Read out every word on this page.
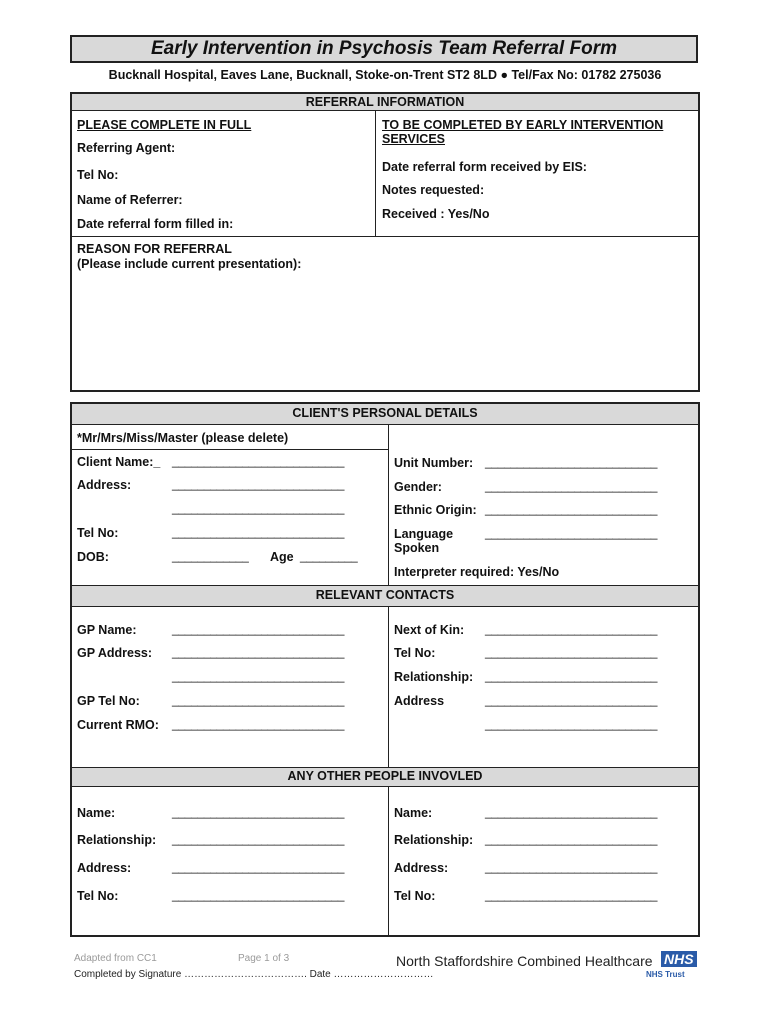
Early Intervention in Psychosis Team Referral Form
Bucknall Hospital, Eaves Lane, Bucknall, Stoke-on-Trent ST2 8LD ● Tel/Fax No: 01782 275036
REFERRAL INFORMATION
PLEASE COMPLETE IN FULL
Referring Agent:
Tel No:
Name of Referrer:
Date referral form filled in:
TO BE COMPLETED BY EARLY INTERVENTION SERVICES
Date referral form received by EIS:
Notes requested:
Received : Yes/No
REASON FOR REFERRAL
(Please include current presentation):
CLIENT'S PERSONAL DETAILS
*Mr/Mrs/Miss/Master (please delete)
Client Name:_ ___________________________
Address:	___________________________
___________________________
Tel No:	___________________________
DOB:	____________ Age _________
Unit Number: ___________________________
Gender:	___________________________
Ethnic Origin: ___________________________
Language Spoken
___________________________
Interpreter required: Yes/No
RELEVANT CONTACTS
GP Name:	___________________________
GP Address: ___________________________
___________________________
GP Tel No:	___________________________
Current RMO: ___________________________
Next of Kin: ___________________________
Tel No:	___________________________
Relationship: ___________________________
Address	___________________________
___________________________
ANY OTHER PEOPLE INVOVLED
Name:	___________________________
Relationship: ___________________________
Address:	___________________________
Tel No:	___________________________
Name:	___________________________
Relationship: ___________________________
Address:	___________________________
Tel No:	___________________________
Adapted from CC1	Page 1 of 3
Completed by Signature ………………………………. Date …………………………
North Staffordshire Combined Healthcare NHS
NHS Trust
